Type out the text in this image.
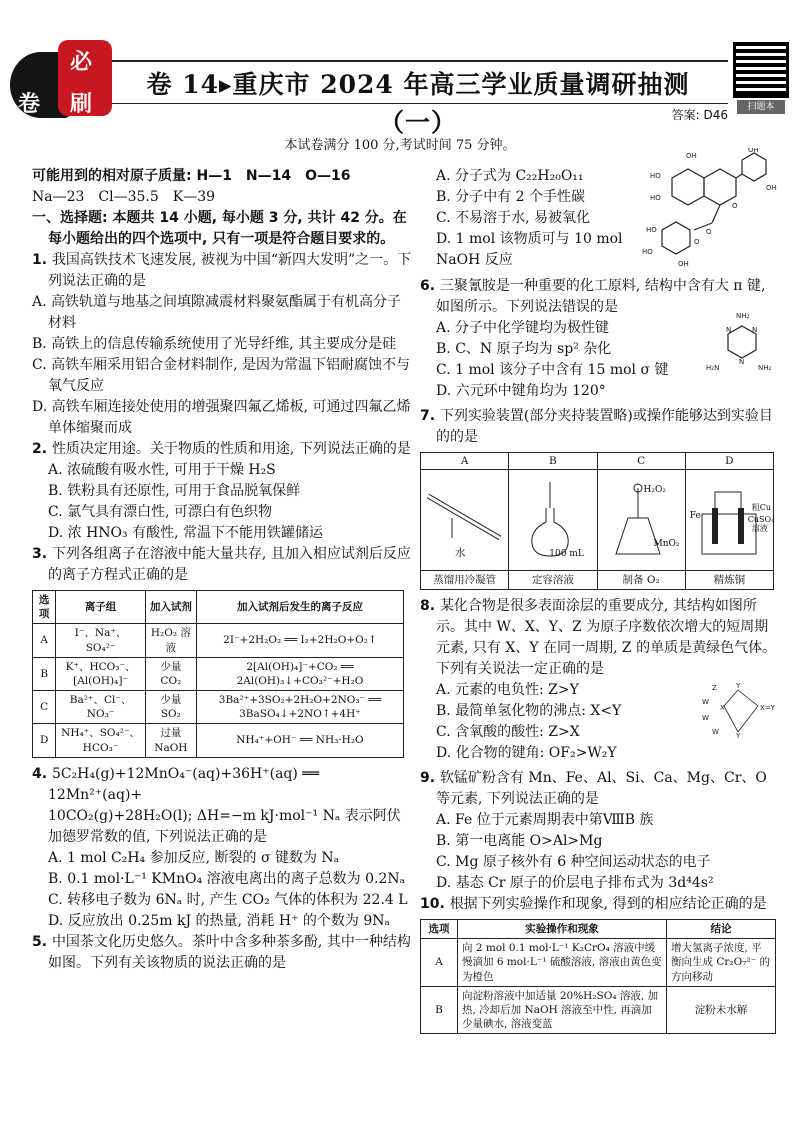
必
卷 刷
卷 14▸重庆市 2024 年高三学业质量调研抽测（一）	答案: D46
扫题本
本试卷满分 100 分,考试时间 75 分钟。

可能用到的相对原子质量: H—1　N—14　O—16

Na—23　Cl—35.5　K—39

一、选择题: 本题共 14 小题, 每小题 3 分, 共计 42 分。在每小题给出的四个选项中, 只有一项是符合题目要求的。

1. 我国高铁技术飞速发展, 被视为中国“新四大发明”之一。下列说法正确的是

A. 高铁轨道与地基之间填隙减震材料聚氨酯属于有机高分子材料

B. 高铁上的信息传输系统使用了光导纤维, 其主要成分是硅

C. 高铁车厢采用铝合金材料制作, 是因为常温下铝耐腐蚀不与氧气反应

D. 高铁车厢连接处使用的增强聚四氟乙烯板, 可通过四氟乙烯单体缩聚而成

2. 性质决定用途。关于物质的性质和用途, 下列说法正确的是

A. 浓硫酸有吸水性, 可用于干燥 H₂S

B. 铁粉具有还原性, 可用于食品脱氧保鲜

C. 氯气具有漂白性, 可漂白有色织物

D. 浓 HNO₃ 有酸性, 常温下不能用铁罐储运

3. 下列各组离子在溶液中能大量共存, 且加入相应试剂后反应的离子方程式正确的是

选项	离子组	加入试剂	加入试剂后发生的离子反应
A	I⁻、Na⁺、SO₄²⁻	H₂O₂ 溶液	2I⁻+2H₂O₂ ══ I₂+2H₂O+O₂↑
B	K⁺、HCO₃⁻、[Al(OH)₄]⁻	少量 CO₂	2[Al(OH)₄]⁻+CO₂ ══ 2Al(OH)₃↓+CO₃²⁻+H₂O
C	Ba²⁺、Cl⁻、NO₃⁻	少量 SO₂	3Ba²⁺+3SO₂+2H₂O+2NO₃⁻ ══ 3BaSO₄↓+2NO↑+4H⁺
D	NH₄⁺、SO₄²⁻、HCO₃⁻	过量 NaOH	NH₄⁺+OH⁻ ══ NH₃·H₂O

4. 5C₂H₄(g)+12MnO₄⁻(aq)+36H⁺(aq) ══ 12Mn²⁺(aq)+

10CO₂(g)+28H₂O(l); ΔH=−m kJ·mol⁻¹ Nₐ 表示阿伏加德罗常数的值, 下列说法正确的是

A. 1 mol C₂H₄ 参加反应, 断裂的 σ 键数为 Nₐ

B. 0.1 mol·L⁻¹ KMnO₄ 溶液电离出的离子总数为 0.2Nₐ

C. 转移电子数为 6Nₐ 时, 产生 CO₂ 气体的体积为 22.4 L

D. 反应放出 0.25m kJ 的热量, 消耗 H⁺ 的个数为 9Nₐ

5. 中国茶文化历史悠久。茶叶中含多种茶多酚, 其中一种结构如图。下列有关该物质的说法正确的是

A. 分子式为 C₂₂H₂₀O₁₁

B. 分子中有 2 个手性碳

C. 不易溶于水, 易被氧化

D. 1 mol 该物质可与 10 mol NaOH 反应

OH
HO
HO
OH
OH
O
O
HO
HO
OH
O

6. 三聚氰胺是一种重要的化工原料, 结构中含有大 π 键, 如图所示。下列说法错误的是

A. 分子中化学键均为极性键

B. C、N 原子均为 sp² 杂化

C. 1 mol 该分子中含有 15 mol σ 键

D. 六元环中键角均为 120°

NH₂
H₂N	NH₂
N
N
N

7. 下列实验装置(部分夹持装置略)或操作能够达到实验目的的是

A	B	C	D
水	100 mL
H₂O₂
MnO₂
Fe
粗Cu
CuSO₄溶液
蒸馏用冷凝管	定容溶液	制备 O₂	精炼铜

8. 某化合物是很多表面涂层的重要成分, 其结构如图所示。其中 W、X、Y、Z 为原子序数依次增大的短周期元素, 只有 X、Y 在同一周期, Z 的单质是黄绿色气体。下列有关说法一定正确的是

A. 元素的电负性: Z>Y

B. 最简单氢化物的沸点: X<Y

C. 含氧酸的酸性: Z>X

D. 化合物的键角: OF₂>W₂Y

Z	Y
W
X
W
X=Y
W Y

9. 软锰矿粉含有 Mn、Fe、Al、Si、Ca、Mg、Cr、O 等元素, 下列说法正确的是

A. Fe 位于元素周期表中第ⅧB 族

B. 第一电离能 O>Al>Mg

C. Mg 原子核外有 6 种空间运动状态的电子

D. 基态 Cr 原子的价层电子排布式为 3d⁴4s²

10. 根据下列实验操作和现象, 得到的相应结论正确的是

选项	实验操作和现象	结论
A	向 2 mol 0.1 mol·L⁻¹ K₂CrO₄ 溶液中缓慢滴加 6 mol·L⁻¹ 硫酸溶液, 溶液由黄色变为橙色	增大氢离子浓度, 平衡向生成 Cr₂O₇²⁻ 的方向移动
B	向淀粉溶液中加适量 20%H₂SO₄ 溶液, 加热, 冷却后加 NaOH 溶液至中性, 再滴加少量碘水, 溶液变蓝	淀粉未水解
